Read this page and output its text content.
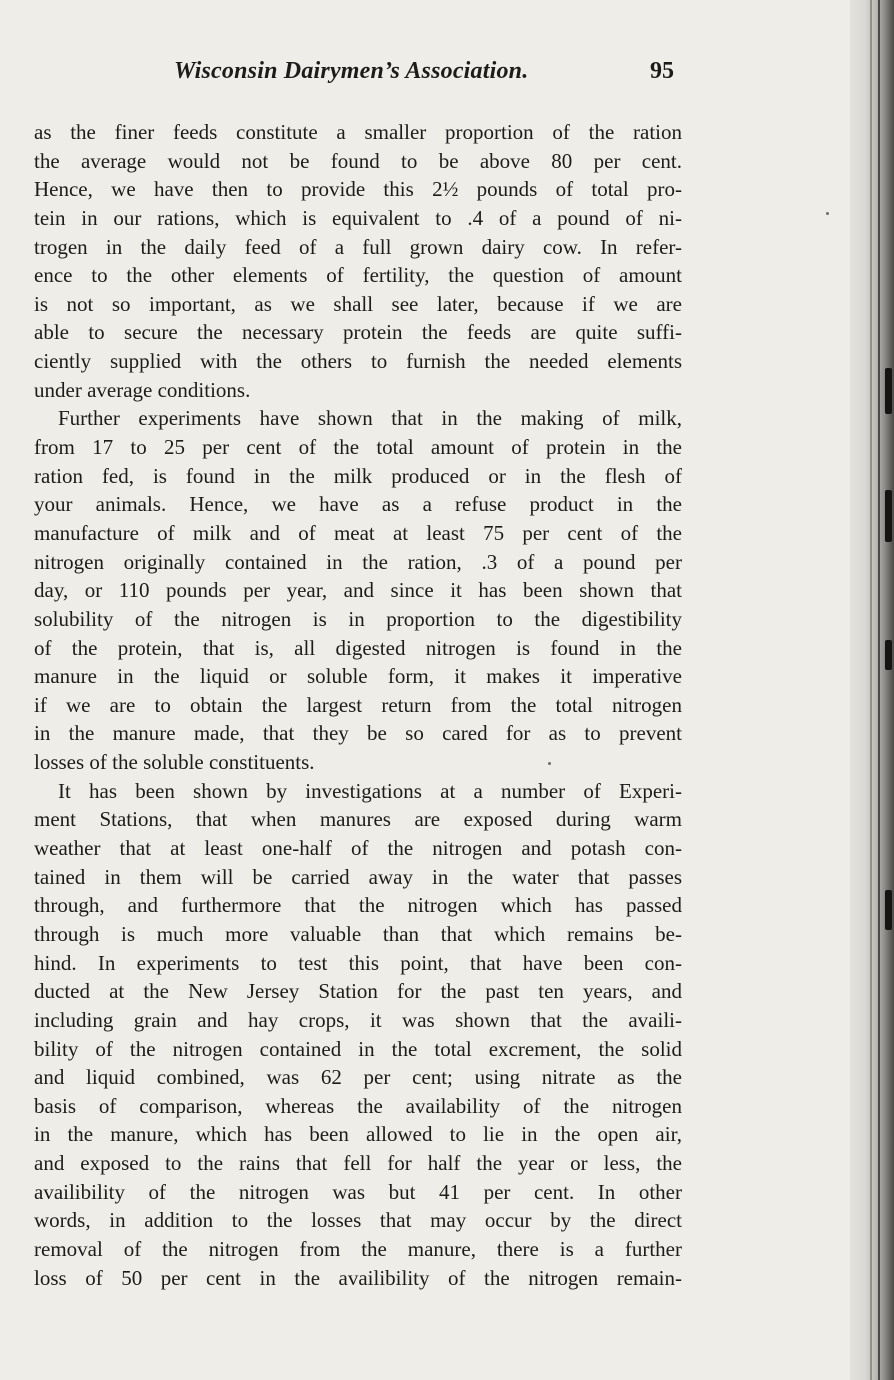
Wisconsin Dairymen’s Association.	95
as the finer feeds constitute a smaller proportion of the ration
the average would not be found to be above 80 per cent.
Hence, we have then to provide this 2½ pounds of total pro-
tein in our rations, which is equivalent to .4 of a pound of ni-
trogen in the daily feed of a full grown dairy cow. In refer-
ence to the other elements of fertility, the question of amount
is not so important, as we shall see later, because if we are
able to secure the necessary protein the feeds are quite suffi-
ciently supplied with the others to furnish the needed elements
under average conditions.
Further experiments have shown that in the making of milk,
from 17 to 25 per cent of the total amount of protein in the
ration fed, is found in the milk produced or in the flesh of
your animals. Hence, we have as a refuse product in the
manufacture of milk and of meat at least 75 per cent of the
nitrogen originally contained in the ration, .3 of a pound per
day, or 110 pounds per year, and since it has been shown that
solubility of the nitrogen is in proportion to the digestibility
of the protein, that is, all digested nitrogen is found in the
manure in the liquid or soluble form, it makes it imperative
if we are to obtain the largest return from the total nitrogen
in the manure made, that they be so cared for as to prevent
losses of the soluble constituents.
It has been shown by investigations at a number of Experi-
ment Stations, that when manures are exposed during warm
weather that at least one-half of the nitrogen and potash con-
tained in them will be carried away in the water that passes
through, and furthermore that the nitrogen which has passed
through is much more valuable than that which remains be-
hind. In experiments to test this point, that have been con-
ducted at the New Jersey Station for the past ten years, and
including grain and hay crops, it was shown that the availi-
bility of the nitrogen contained in the total excrement, the solid
and liquid combined, was 62 per cent; using nitrate as the
basis of comparison, whereas the availability of the nitrogen
in the manure, which has been allowed to lie in the open air,
and exposed to the rains that fell for half the year or less, the
availibility of the nitrogen was but 41 per cent. In other
words, in addition to the losses that may occur by the direct
removal of the nitrogen from the manure, there is a further
loss of 50 per cent in the availibility of the nitrogen remain-
